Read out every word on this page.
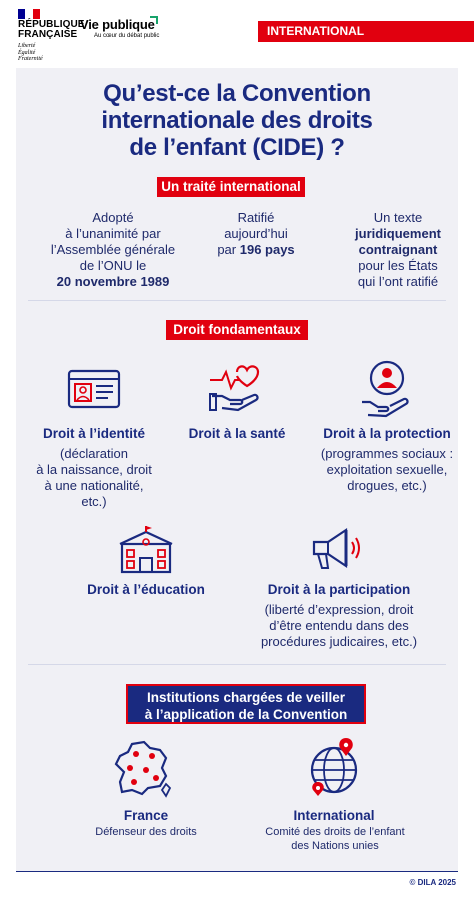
RÉPUBLIQUE
FRANÇAISE
Liberté
Égalité
Fraternité
Vie publique
Au cœur du débat public	INTERNATIONAL
Qu’est-ce la Convention
internationale des droits
de l’enfant (CIDE) ?
Un traité international
Adopté
à l’unanimité par
l’Assemblée générale
de l’ONU le
20 novembre 1989
Ratifié
aujourd’hui
par 196 pays
Un texte
juridiquement
contraignant
pour les États
qui l’ont ratifié
Droit fondamentaux
Droit à l’identité
(déclaration
à la naissance, droit
à une nationalité,
etc.)
Droit à la santé	Droit à la protection
(programmes sociaux :
exploitation sexuelle,
drogues, etc.)
Droit à l’éducation	Droit à la participation
(liberté d’expression, droit
d’être entendu dans des
procédures judicaires, etc.)
Institutions chargées de veiller
à l’application de la Convention
France
Défenseur des droits
International
Comité des droits de l’enfant
des Nations unies
© DILA 2025
